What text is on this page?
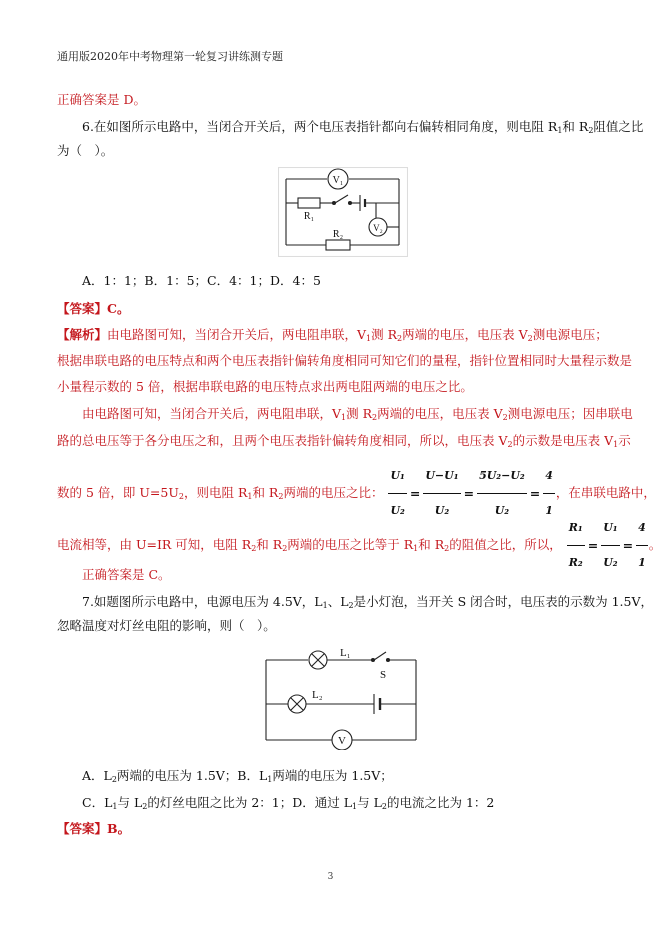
通用版2020年中考物理第一轮复习讲练测专题
正确答案是 D。
6.在如图所示电路中，当闭合开关后，两个电压表指针都向右偏转相同角度，则电阻 $R_1$和 $R_2$阻值之比
为（　）。
V₁
V₂
R₁
R₂
A．1：1；B．1：5；C．4：1；D．4：5
【答案】C。
【解析】由电路图可知，当闭合开关后，两电阻串联，$V_1$测 $R_2$两端的电压，电压表 $V_2$测电源电压；
根据串联电路的电压特点和两个电压表指针偏转角度相同可知它们的量程，指针位置相同时大量程示数是
小量程示数的 5 倍，根据串联电路的电压特点求出两电阻两端的电压之比。
由电路图可知，当闭合开关后，两电阻串联，$V_1$测 $R_2$两端的电压，电压表 $V_2$测电源电压；因串联电
路的总电压等于各分电压之和，且两个电压表指针偏转角度相同，所以，电压表 $V_2$的示数是电压表 $V_1$示
数的 5 倍，即 $U=5U_2$，则电阻 $R_1$和 $R_2$两端的电压之比： $\frac{\text{U₁}}{\text{U₂}} = \frac{\text{U−U₁}}{\text{U₂}} = \frac{\text{5U₂−U₂}}{\text{U₂}} = \frac{4}{1}$ ，在串联电路中，
电流相等，由 U=IR 可知，电阻 $R_2$和 $R_2$两端的电压之比等于 $R_1$和 $R_2$的阻值之比，所以， $\frac{\text{R₁}}{\text{R₂}} = \frac{\text{U₁}}{\text{U₂}} = \frac{4}{1}$ 。
正确答案是 C。
7.如题图所示电路中，电源电压为 4.5V，$L_1$、$L_2$是小灯泡，当开关 S 闭合时，电压表的示数为 1.5V，
忽略温度对灯丝电阻的影响，则（　）。
L₁
S
L₂
V
A．$L_2$两端的电压为 1.5V；B．$L_1$两端的电压为 1.5V；
C．$L_1$与 $L_2$的灯丝电阻之比为 2：1；D．通过 $L_1$与 $L_2$的电流之比为 1：2
【答案】B。
3
